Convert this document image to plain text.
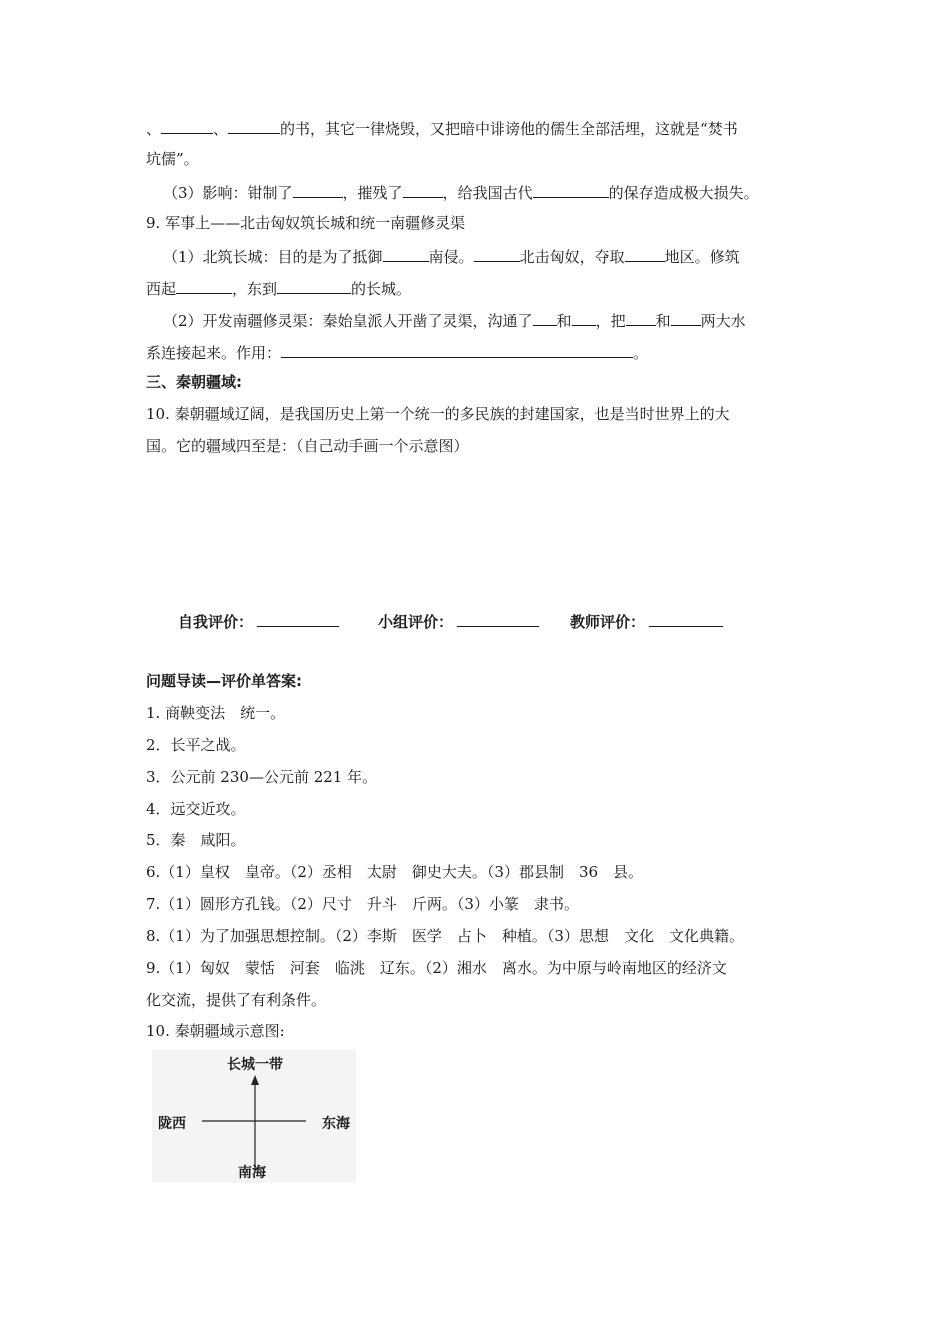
、	、	的书，其它一律烧毁，又把暗中诽谤他的儒生全部活埋，这就是“焚书
坑儒”。
（3）影响：钳制了	，摧残了	，给我国古代	的保存造成极大损失。
9. 军事上——北击匈奴筑长城和统一南疆修灵渠
（1）北筑长城：目的是为了抵御	南侵。	北击匈奴，夺取	地区。修筑
西起	，东到	的长城。
（2）开发南疆修灵渠：秦始皇派人开凿了灵渠，沟通了 和 ，把 和 两大水
系连接起来。作用：	。
三、秦朝疆域:
10. 秦朝疆域辽阔，是我国历史上第一个统一的多民族的封建国家，也是当时世界上的大
国。它的疆域四至是：（自己动手画一个示意图）
自我评价：	小组评价：	教师评价：
问题导读—评价单答案:
1. 商鞅变法　统一。
2．长平之战。
3．公元前 230—公元前 221 年。
4．远交近攻。
5．秦　咸阳。
6.（1）皇权　皇帝。（2）丞相　太尉　御史大夫。（3）郡县制　36　县。
7.（1）圆形方孔钱。（2）尺寸　升斗　斤两。（3）小篆　隶书。
8.（1）为了加强思想控制。（2）李斯　医学　占卜　种植。（3）思想　文化　文化典籍。
9.（1）匈奴　蒙恬　河套　临洮　辽东。（2）湘水　离水。为中原与岭南地区的经济文
化交流，提供了有利条件。
10. 秦朝疆域示意图:
长城一带
陇西	东海
南海
